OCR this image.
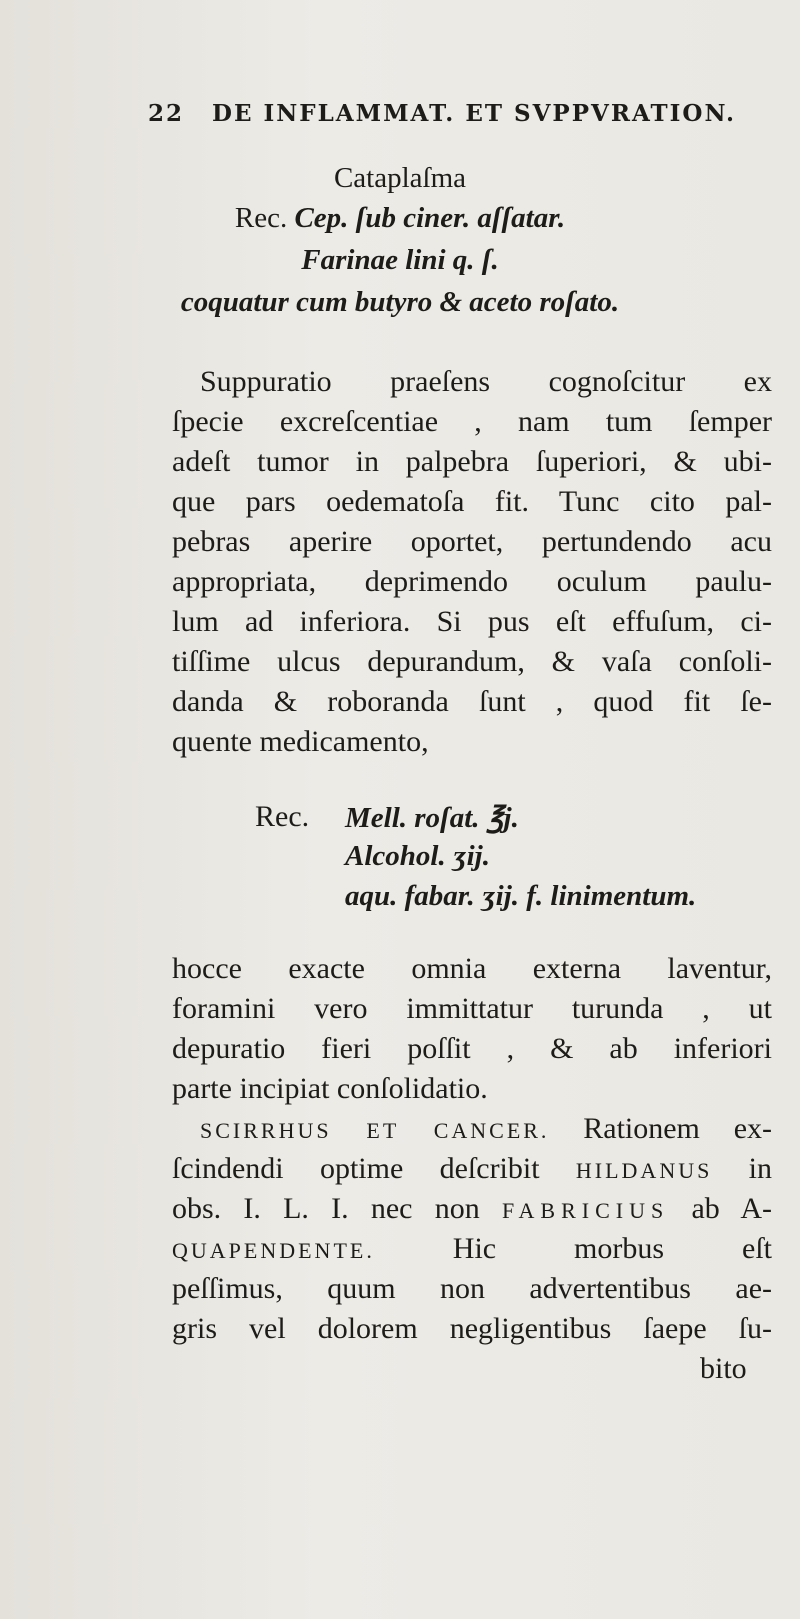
22 DE INFLAMMAT. ET SVPPVRATION.
Cataplaſma
Rec. Cep. ſub ciner. aſſatar.
Farinae lini q. ſ.
coquatur cum butyro & aceto roſato.
Suppuratio praeſens cognoſcitur ex
ſpecie excreſcentiae , nam tum ſemper
adeſt tumor in palpebra ſuperiori, & ubi-
que pars oedematoſa fit. Tunc cito pal-
pebras aperire oportet, pertundendo acu
appropriata, deprimendo oculum paulu-
lum ad inferiora. Si pus eſt effuſum, ci-
tiſſime ulcus depurandum, & vaſa conſoli-
danda & roboranda ſunt , quod fit ſe-
quente medicamento,
Rec. Mell. roſat. ℥j.
Alcohol. ʒij.
aqu. fabar. ʒij. f. linimentum.
hocce exacte omnia externa laventur,
foramini vero immittatur turunda , ut
depuratio fieri poſſit , & ab inferiori
parte incipiat conſolidatio.
SCIRRHUS ET CANCER. Rationem ex-
ſcindendi optime deſcribit HILDANUS in
obs. I. L. I. nec non FABRICIUS ab A-
QUAPENDENTE.	Hic morbus eſt
peſſimus, quum non advertentibus ae-
gris vel dolorem negligentibus ſaepe ſu-
bito
